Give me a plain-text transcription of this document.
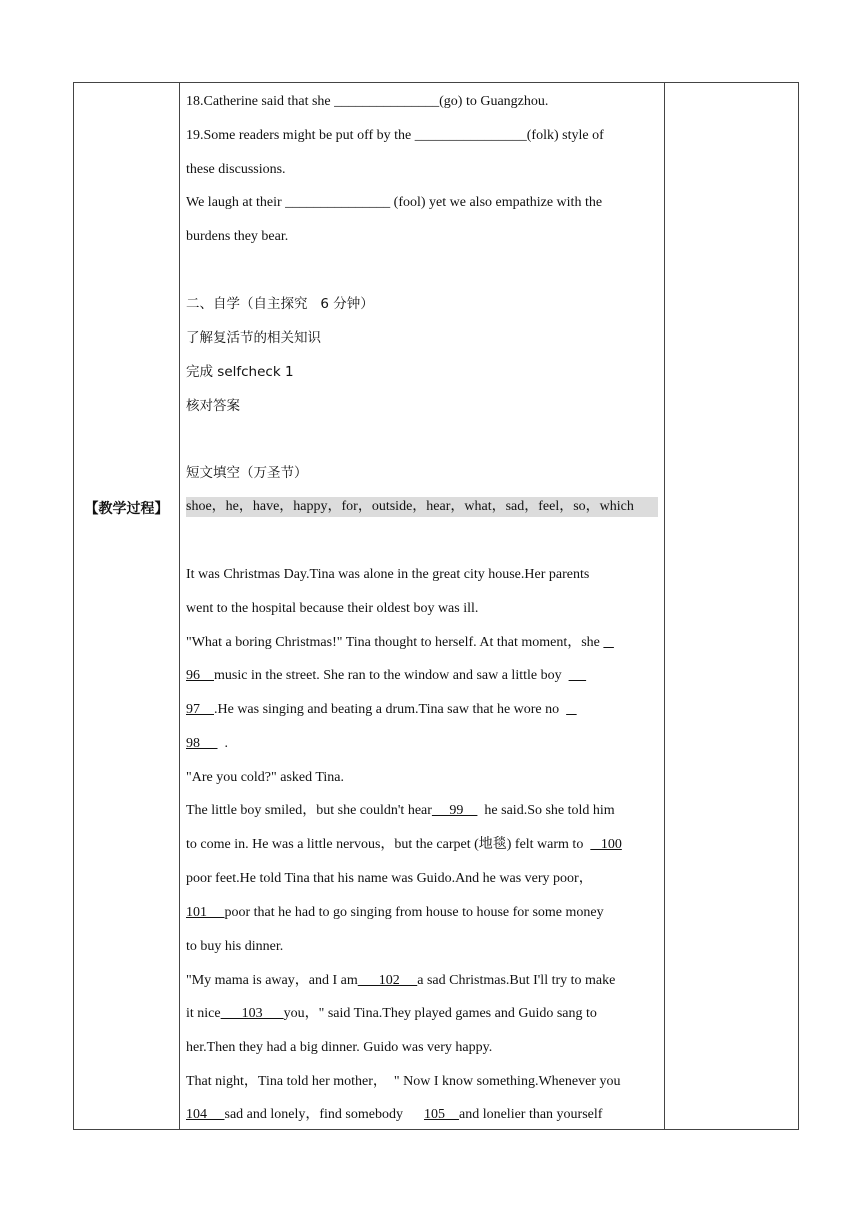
【教学过程】
18.Catherine said that she _______________(go) to Guangzhou.
19.Some readers might be put off by the ________________(folk) style of
these discussions.
We laugh at their _______________ (fool) yet we also empathize with the
burdens they bear.
二、自学（自主探究   6 分钟）
了解复活节的相关知识
完成 selfcheck 1
核对答案
短文填空（万圣节）
shoe，he，have，happy，for，outside，hear，what，sad，feel，so，which
It was Christmas Day.Tina was alone in the great city house.Her parents
went to the hospital because their oldest boy was ill.
"What a boring Christmas!" Tina thought to herself. At that moment，she
96    music in the street. She ran to the window and saw a little boy
97    .He was singing and beating a drum.Tina saw that he wore no
98       .
"Are you cold?" asked Tina.
The little boy smiled，but she couldn't hear     99      he said.So she told him
to come in. He was a little nervous，but the carpet (地毯) felt warm to     100
poor feet.He told Tina that his name was Guido.And he was very poor，
101     poor that he had to go singing from house to house for some money
to buy his dinner.
"My mama is away，and I am      102     a sad Christmas.But I'll try to make
it nice      103      you，" said Tina.They played games and Guido sang to
her.Then they had a big dinner. Guido was very happy.
That night，Tina told her mother，  " Now I know something.Whenever you
104     sad and lonely，find somebody      105    and lonelier than yourself
